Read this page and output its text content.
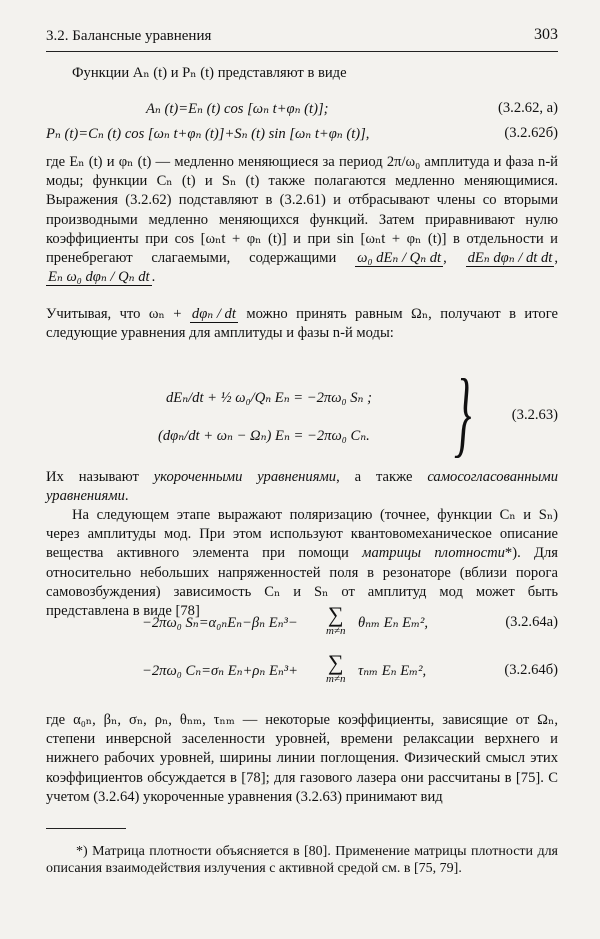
3.2. Балансные уравнения	303
Функции Aₙ (t) и Pₙ (t) представляют в виде
Aₙ (t)=Eₙ (t) cos [ωₙ t+φₙ (t)];	(3.2.62, а)
Pₙ (t)=Cₙ (t) cos [ωₙ t+φₙ (t)]+Sₙ (t) sin [ωₙ t+φₙ (t)],	(3.2.62б)
где Eₙ (t) и φₙ (t) — медленно меняющиеся за период 2π/ω₀ амплитуда и фаза n-й моды; функции Cₙ (t) и Sₙ (t) также полагаются медленно меняющимися. Выражения (3.2.62) подставляют в (3.2.61) и отбрасывают члены со вторыми производными медленно меняющихся функций. Затем приравнивают нулю коэффициенты при cos [ωₙt + φₙ (t)] и при sin [ωₙt + φₙ (t)] в отдельности и пренебрегают слагаемыми, содержащими ω₀ dEₙ / Qₙ dt , dEₙ dφₙ / dt dt ,
Eₙ ω₀ dφₙ / Qₙ dt .
Учитывая, что ωₙ + dφₙ / dt можно принять равным Ωₙ, получают в итоге следующие уравнения для амплитуды и фазы n-й моды:
dEₙ/dt + ½ ω₀/Qₙ Eₙ = −2πω₀ Sₙ ;
(dφₙ/dt + ωₙ − Ωₙ) Eₙ = −2πω₀ Cₙ. }	(3.2.63)
Их называют укороченными уравнениями, а также самосогласованными уравнениями.
На следующем этапе выражают поляризацию (точнее, функции Cₙ и Sₙ) через амплитуды мод. При этом используют квантовомеханическое описание вещества активного элемента при помощи матрицы плотности*). Для относительно небольших напряженностей поля в резонаторе (вблизи порога самовозбуждения) зависимость Cₙ и Sₙ от амплитуд мод может быть представлена в виде [78]
−2πω₀ Sₙ=α₀ₙEₙ−βₙ Eₙ³− ∑
m≠n θₙₘ Eₙ Eₘ²,	(3.2.64а)
−2πω₀ Cₙ=σₙ Eₙ+ρₙ Eₙ³+ ∑
m≠n τₙₘ Eₙ Eₘ²,	(3.2.64б)
где α₀ₙ, βₙ, σₙ, ρₙ, θₙₘ, τₙₘ — некоторые коэффициенты, зависящие от Ωₙ, степени инверсной заселенности уровней, времени релаксации верхнего и нижнего рабочих уровней, ширины линии поглощения. Физический смысл этих коэффициентов обсуждается в [78]; для газового лазера они рассчитаны в [75]. С учетом (3.2.64) укороченные уравнения (3.2.63) принимают вид
*) Матрица плотности объясняется в [80]. Применение матрицы плотности для описания взаимодействия излучения с активной средой см. в [75, 79].
